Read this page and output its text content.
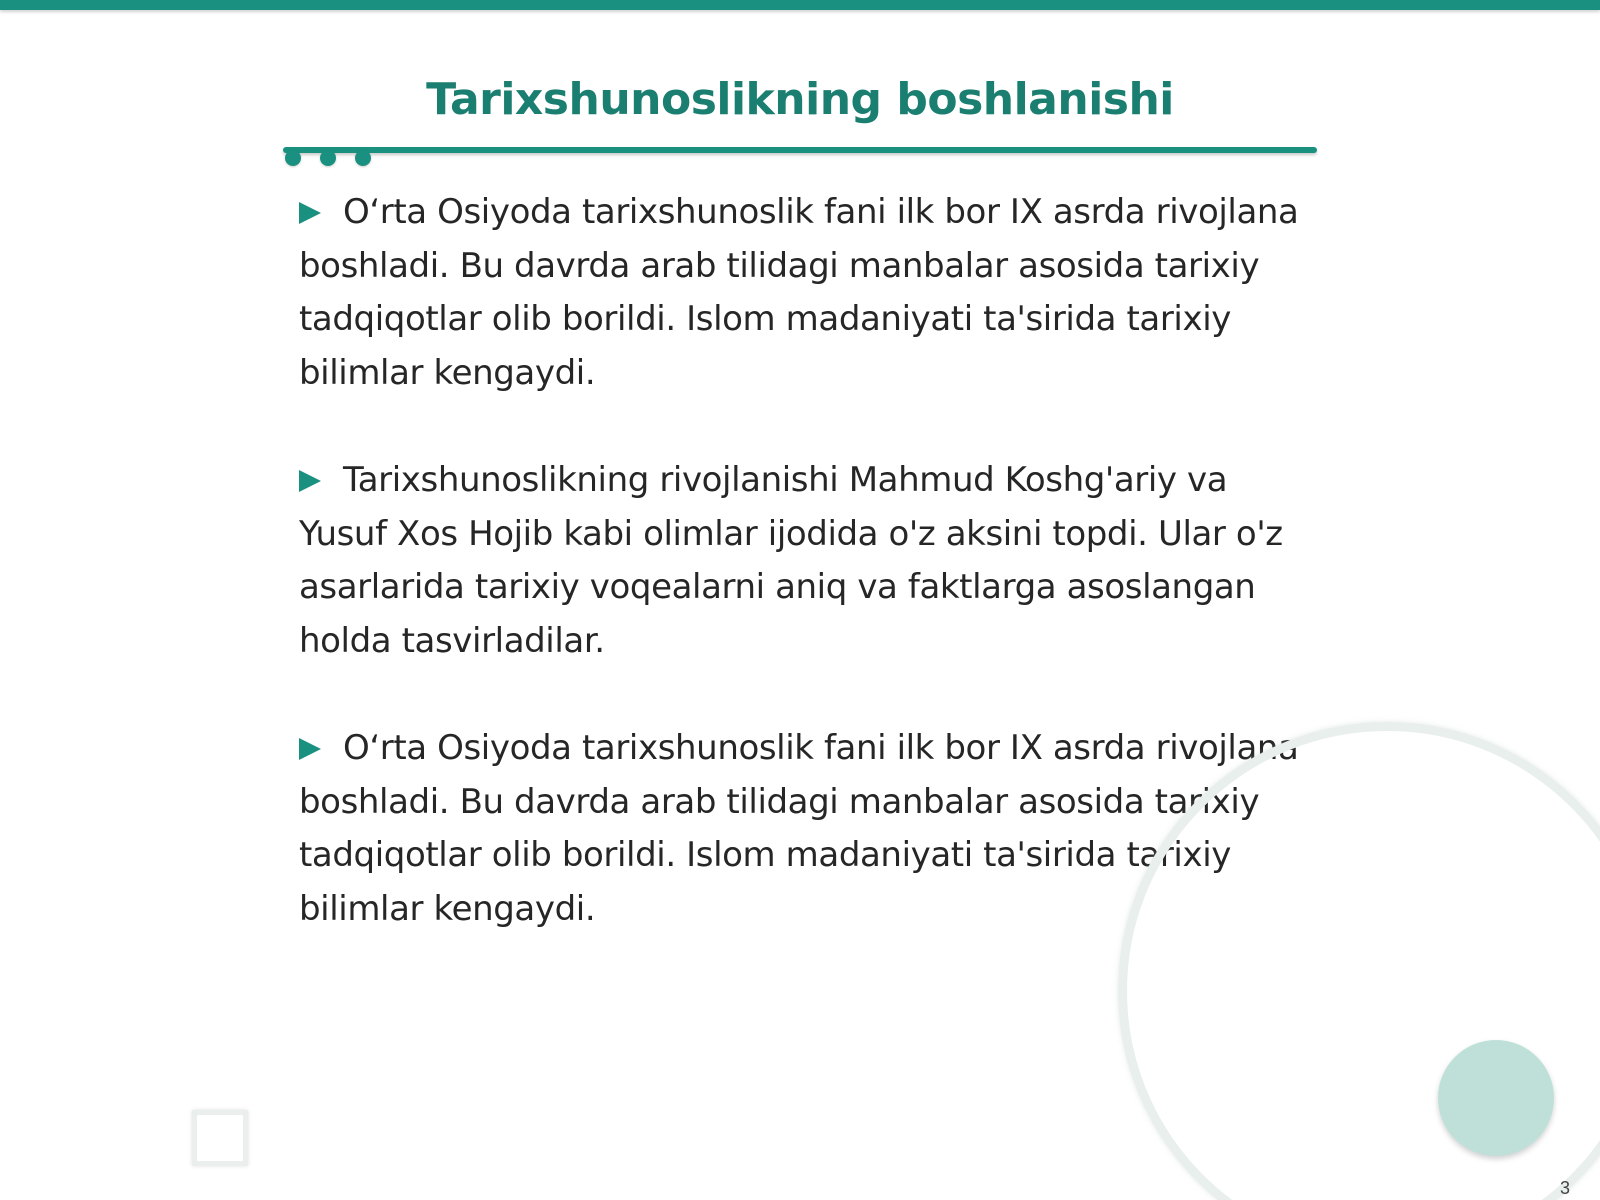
Tarixshunoslikning boshlanishi

O‘rta Osiyoda tarixshunoslik fani ilk bor IX asrda rivojlana boshladi. Bu davrda arab tilidagi manbalar asosida tarixiy tadqiqotlar olib borildi. Islom madaniyati ta'sirida tarixiy bilimlar kengaydi.

Tarixshunoslikning rivojlanishi Mahmud Koshg'ariy va Yusuf Xos Hojib kabi olimlar ijodida o'z aksini topdi. Ular o'z asarlarida tarixiy voqealarni aniq va faktlarga asoslangan holda tasvirladilar.

O‘rta Osiyoda tarixshunoslik fani ilk bor IX asrda rivojlana boshladi. Bu davrda arab tilidagi manbalar asosida tarixiy tadqiqotlar olib borildi. Islom madaniyati ta'sirida tarixiy bilimlar kengaydi.

3
